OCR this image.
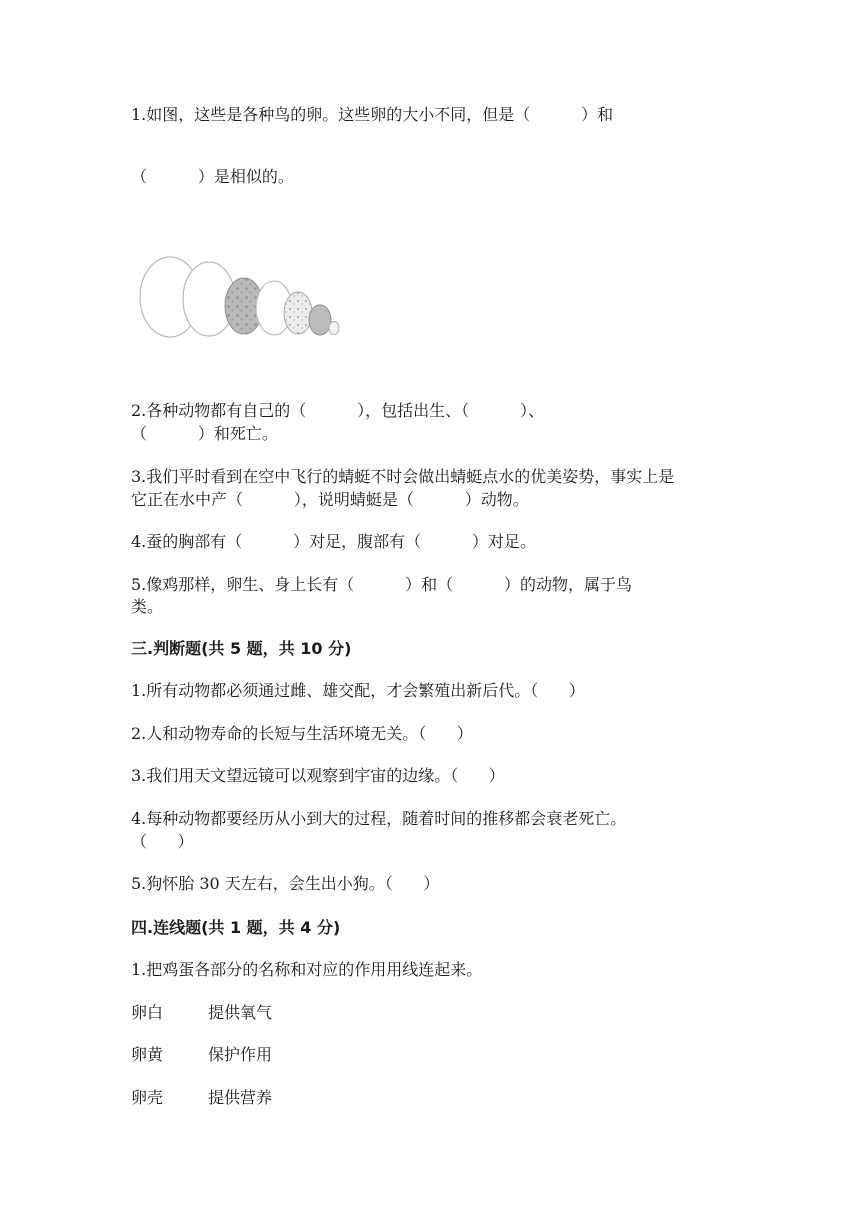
1.如图，这些是各种鸟的卵。这些卵的大小不同，但是（          ）和
（          ）是相似的。
2.各种动物都有自己的（          ），包括出生、（          ）、
（          ）和死亡。
3.我们平时看到在空中飞行的蜻蜓不时会做出蜻蜓点水的优美姿势，事实上是
它正在水中产（          ），说明蜻蜓是（          ）动物。
4.蚕的胸部有（          ）对足，腹部有（          ）对足。
5.像鸡那样，卵生、身上长有（          ）和（          ）的动物，属于鸟
类。
三.判断题(共 5 题，共 10 分)
1.所有动物都必须通过雌、雄交配，才会繁殖出新后代。（      ）
2.人和动物寿命的长短与生活环境无关。（      ）
3.我们用天文望远镜可以观察到宇宙的边缘。（      ）
4.每种动物都要经历从小到大的过程，随着时间的推移都会衰老死亡。
（      ）
5.狗怀胎 30 天左右，会生出小狗。（      ）
四.连线题(共 1 题，共 4 分)
1.把鸡蛋各部分的名称和对应的作用用线连起来。
卵白	提供氧气
卵黄	保护作用
卵壳	提供营养
